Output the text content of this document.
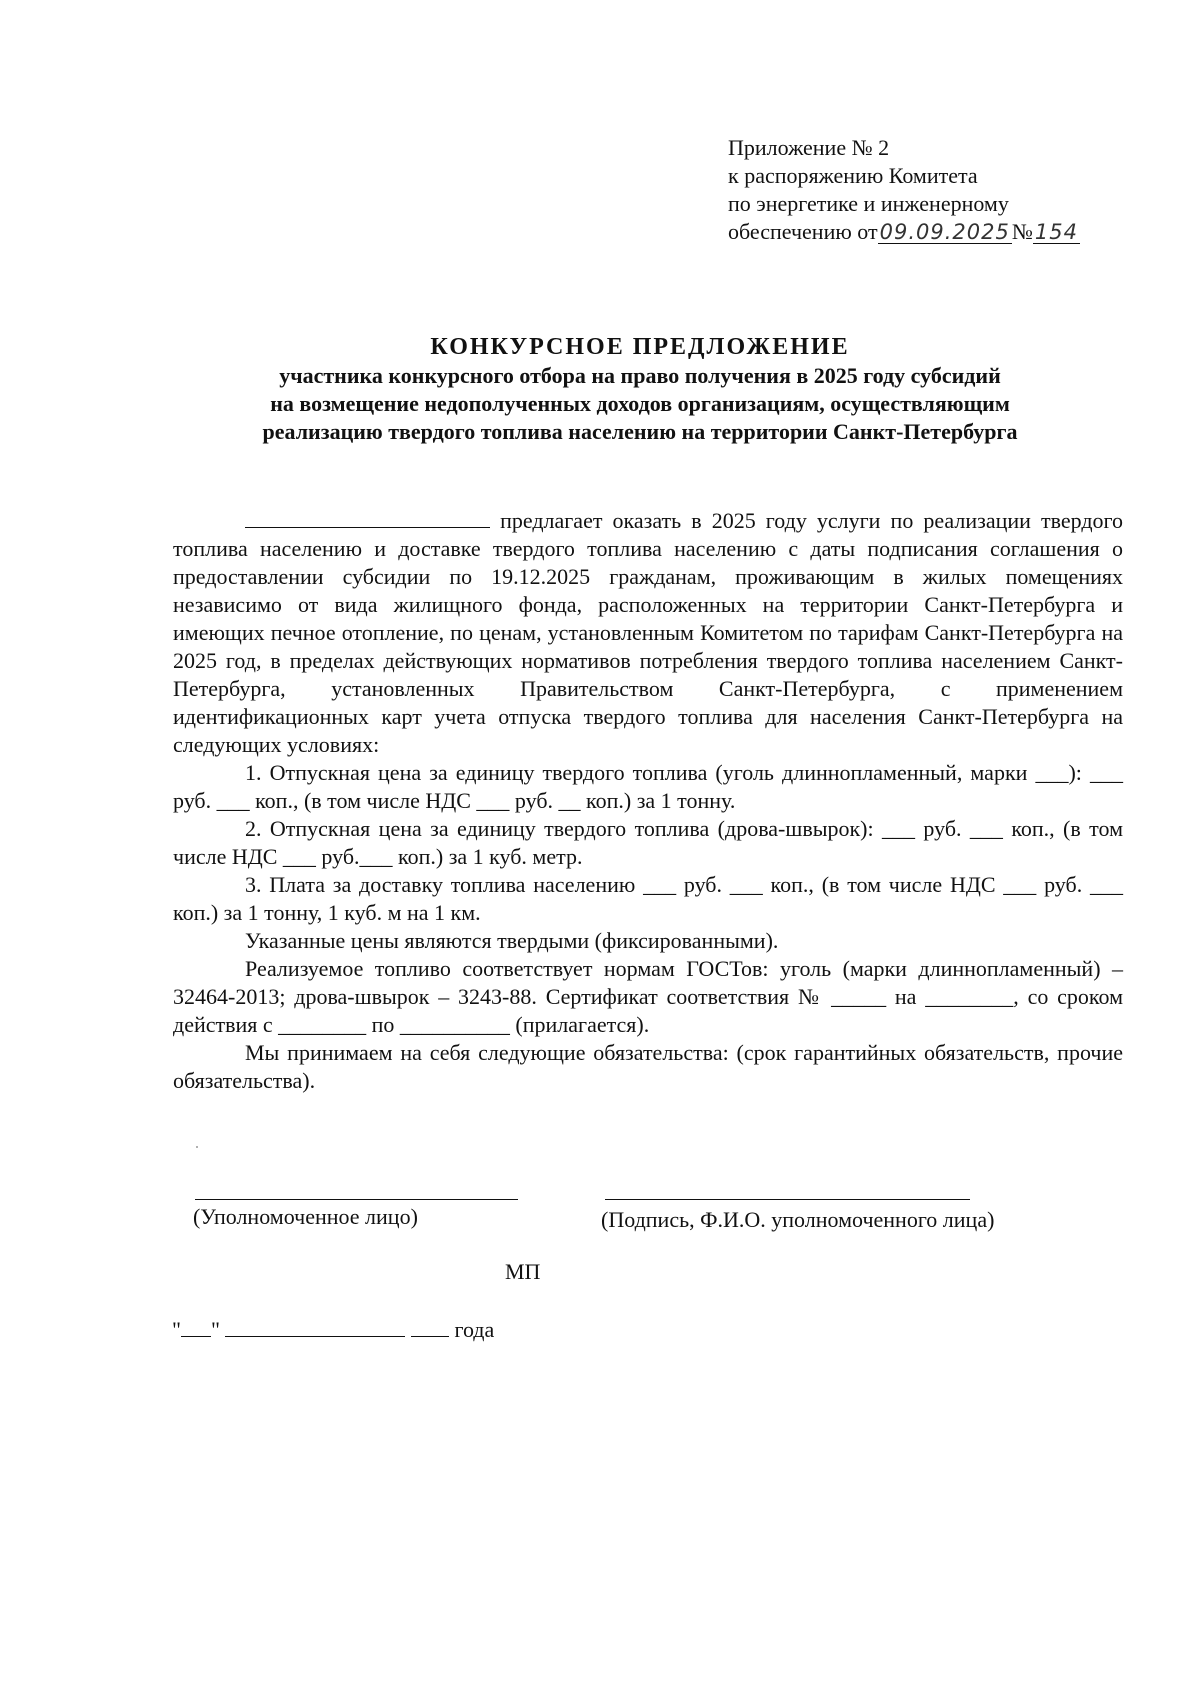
Приложение № 2
к распоряжению Комитета
по энергетике и инженерному
обеспечению от09.09.2025№154
КОНКУРСНОЕ ПРЕДЛОЖЕНИЕ
участника конкурсного отбора на право получения в 2025 году субсидий
на возмещение недополученных доходов организациям, осуществляющим
реализацию твердого топлива населению на территории Санкт-Петербурга

предлагает оказать в 2025 году услуги по реализации твердого топлива населению и доставке твердого топлива населению с даты подписания соглашения о предоставлении субсидии по 19.12.2025 гражданам, проживающим в жилых помещениях независимо от вида жилищного фонда, расположенных на территории Санкт-Петербурга и имеющих печное отопление, по ценам, установленным Комитетом по тарифам Санкт-Петербурга на 2025 год, в пределах действующих нормативов потребления твердого топлива населением Санкт-Петербурга, установленных Правительством Санкт-Петербурга, с применением идентификационных карт учета отпуска твердого топлива для населения Санкт-Петербурга на следующих условиях:

1. Отпускная цена за единицу твердого топлива (уголь длиннопламенный, марки ___): ___ руб. ___ коп., (в том числе НДС ___ руб. __ коп.) за 1 тонну.

2. Отпускная цена за единицу твердого топлива (дрова-швырок): ___ руб. ___ коп., (в том числе НДС ___ руб.___ коп.) за 1 куб. метр.

3. Плата за доставку топлива населению ___ руб. ___ коп., (в том числе НДС ___ руб. ___ коп.) за 1 тонну, 1 куб. м на 1 км.

Указанные цены являются твердыми (фиксированными).

Реализуемое топливо соответствует нормам ГОСТов: уголь (марки длиннопламенный) – 32464-2013; дрова-швырок – 3243-88. Сертификат соответствия № _____ на ________, со сроком действия с ________ по __________ (прилагается).

Мы принимаем на себя следующие обязательства: (срок гарантийных обязательств, прочие обязательства).

(Уполномоченное лицо)	(Подпись, Ф.И.О. уполномоченного лица)
МП
" "	года
